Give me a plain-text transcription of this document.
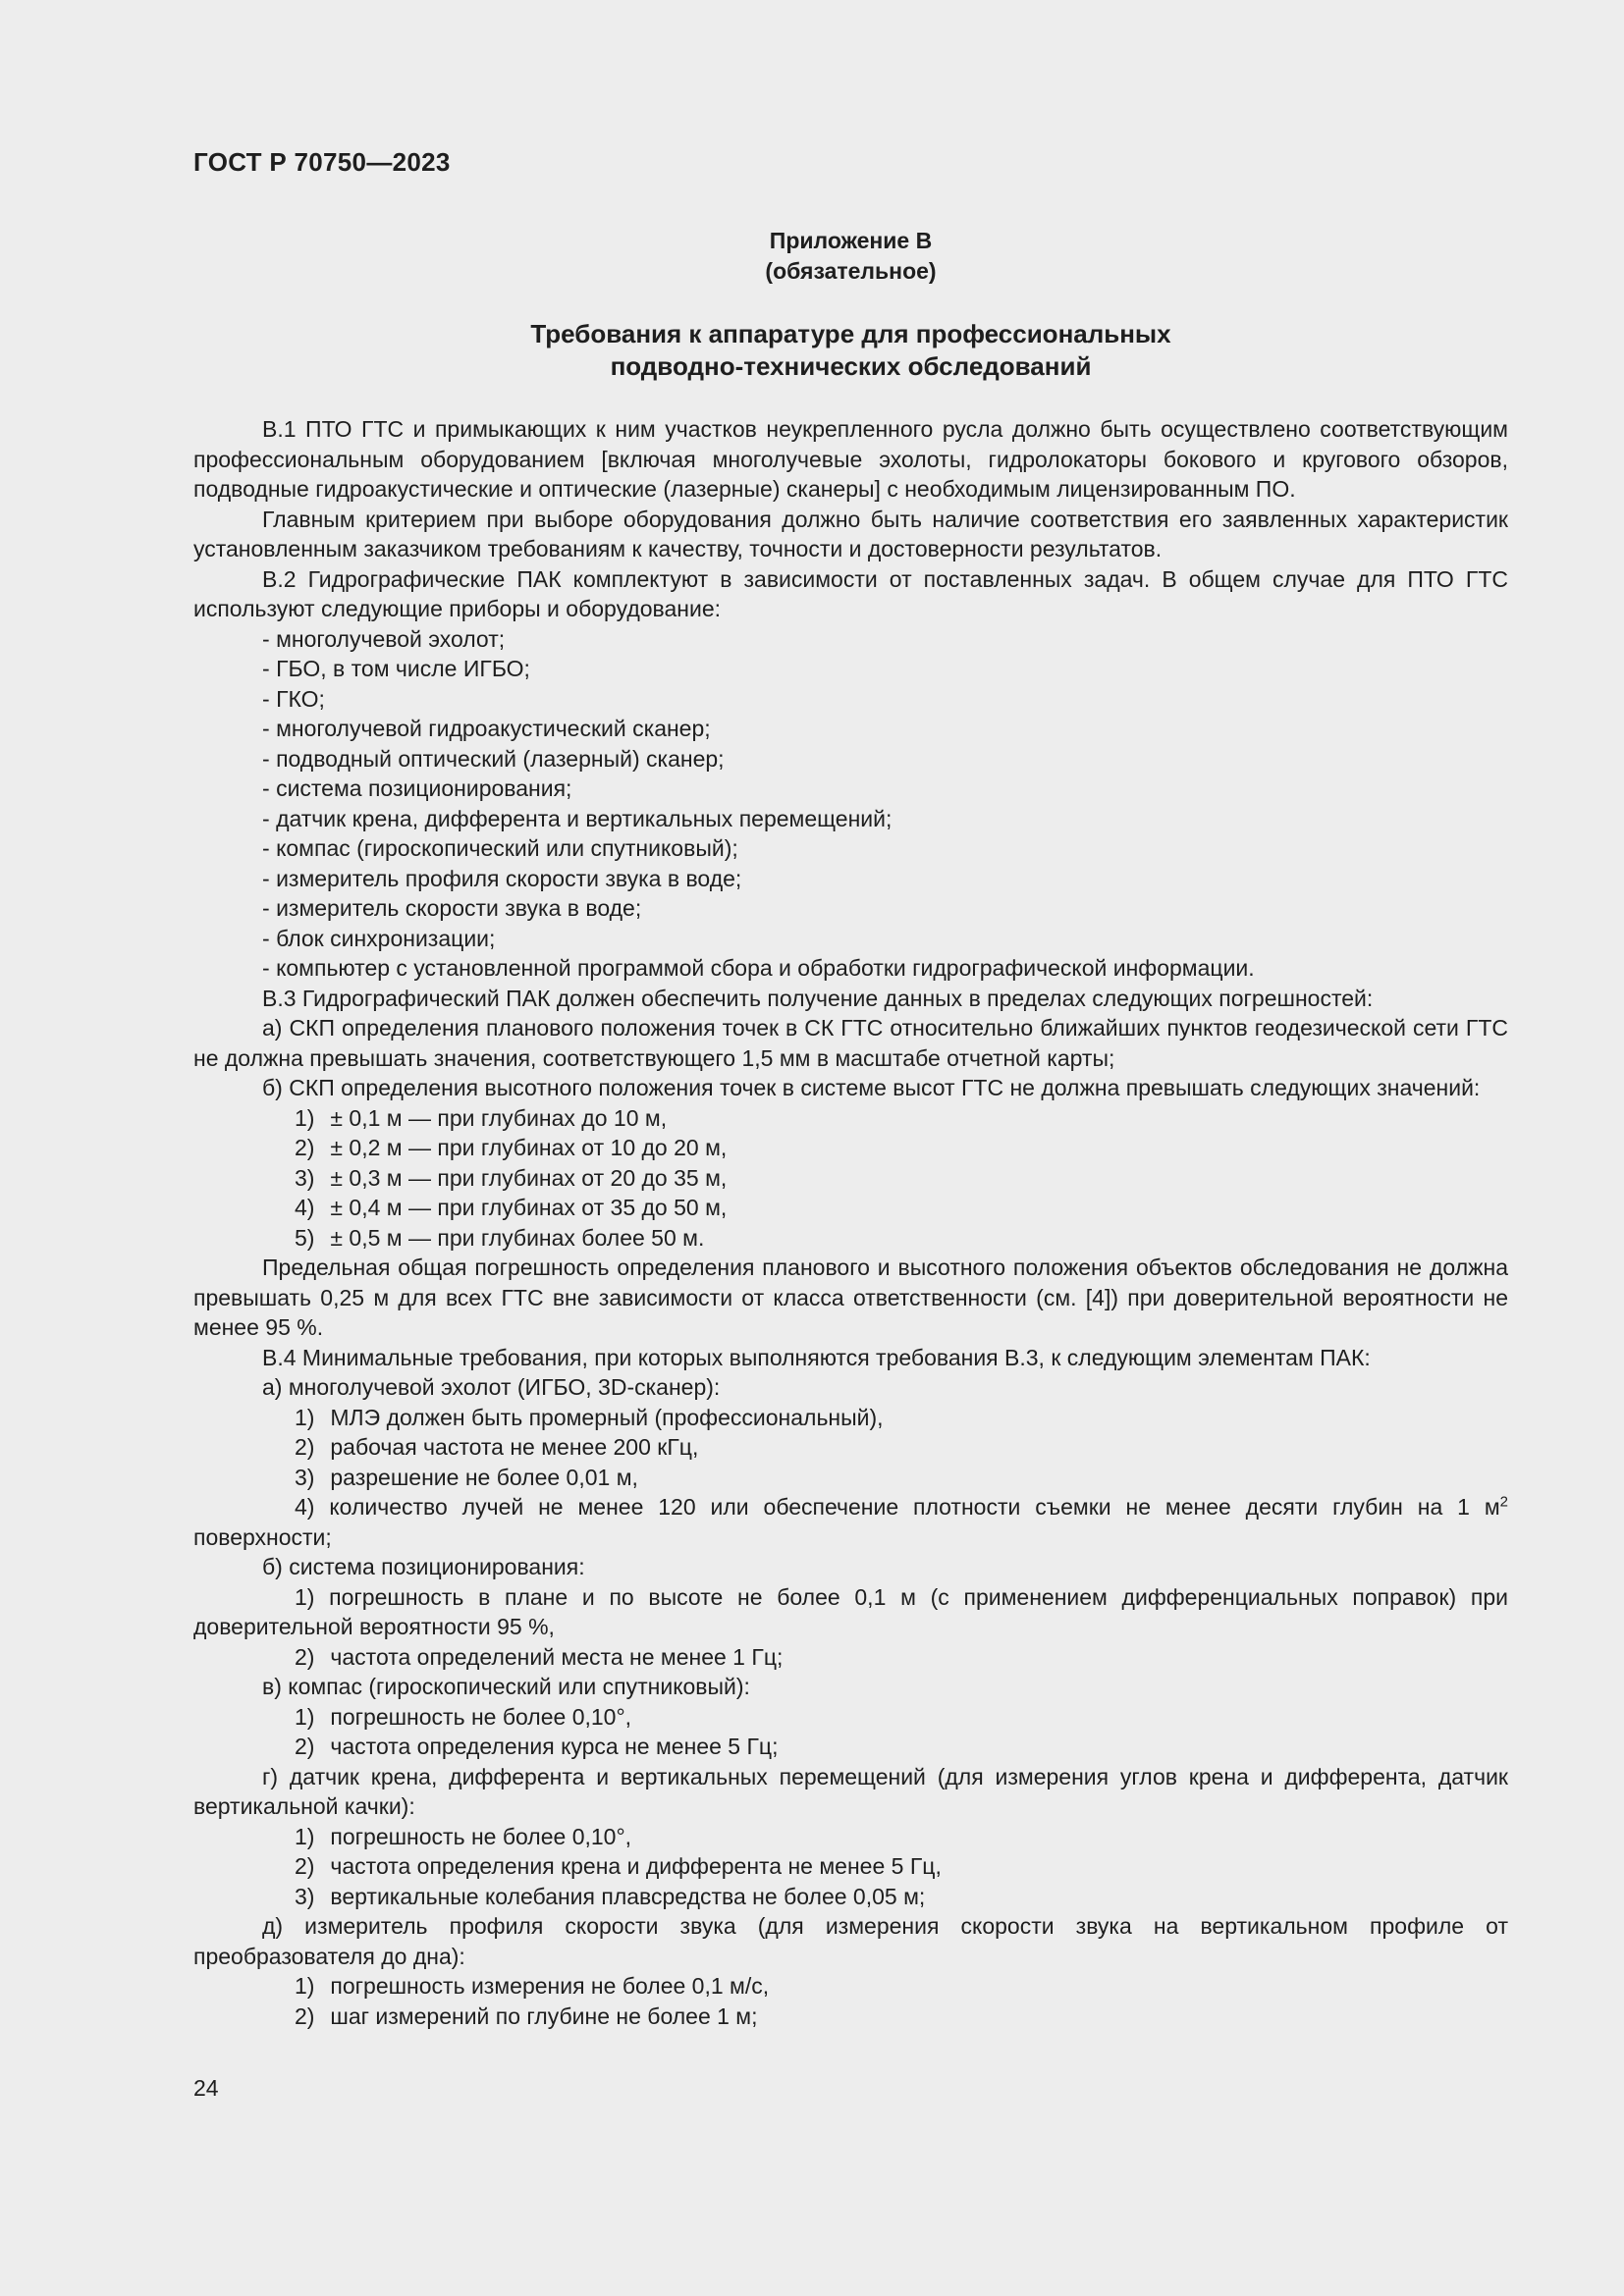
ГОСТ Р 70750—2023
Приложение В
(обязательное)
Требования к аппаратуре для профессиональных
подводно-технических обследований

В.1 ПТО ГТС и примыкающих к ним участков неукрепленного русла должно быть осуществлено соответствующим профессиональным оборудованием [включая многолучевые эхолоты, гидролокаторы бокового и кругового обзоров, подводные гидроакустические и оптические (лазерные) сканеры] с необходимым лицензированным ПО.

Главным критерием при выборе оборудования должно быть наличие соответствия его заявленных характеристик установленным заказчиком требованиям к качеству, точности и достоверности результатов.

В.2 Гидрографические ПАК комплектуют в зависимости от поставленных задач. В общем случае для ПТО ГТС используют следующие приборы и оборудование:

- многолучевой эхолот;

- ГБО, в том числе ИГБО;

- ГКО;

- многолучевой гидроакустический сканер;

- подводный оптический (лазерный) сканер;

- система позиционирования;

- датчик крена, дифферента и вертикальных перемещений;

- компас (гироскопический или спутниковый);

- измеритель профиля скорости звука в воде;

- измеритель скорости звука в воде;

- блок синхронизации;

- компьютер с установленной программой сбора и обработки гидрографической информации.

В.3 Гидрографический ПАК должен обеспечить получение данных в пределах следующих погрешностей:

а) СКП определения планового положения точек в СК ГТС относительно ближайших пунктов геодезической сети ГТС не должна превышать значения, соответствующего 1,5 мм в масштабе отчетной карты;

б) СКП определения высотного положения точек в системе высот ГТС не должна превышать следующих значений:

1) ± 0,1 м — при глубинах до 10 м,

2) ± 0,2 м — при глубинах от 10 до 20 м,

3) ± 0,3 м — при глубинах от 20 до 35 м,

4) ± 0,4 м — при глубинах от 35 до 50 м,

5) ± 0,5 м — при глубинах более 50 м.

Предельная общая погрешность определения планового и высотного положения объектов обследования не должна превышать 0,25 м для всех ГТС вне зависимости от класса ответственности (см. [4]) при доверительной вероятности не менее 95 %.

В.4 Минимальные требования, при которых выполняются требования В.3, к следующим элементам ПАК:

а) многолучевой эхолот (ИГБО, 3D-сканер):

1) МЛЭ должен быть промерный (профессиональный),

2) рабочая частота не менее 200 кГц,

3) разрешение не более 0,01 м,

4) количество лучей не менее 120 или обеспечение плотности съемки не менее десяти глубин на 1 $м^2$ поверхности;

б) система позиционирования:

1) погрешность в плане и по высоте не более 0,1 м (с применением дифференциальных поправок) при доверительной вероятности 95 %,

2) частота определений места не менее 1 Гц;

в) компас (гироскопический или спутниковый):

1) погрешность не более 0,10°,

2) частота определения курса не менее 5 Гц;

г) датчик крена, дифферента и вертикальных перемещений (для измерения углов крена и дифферента, датчик вертикальной качки):

1) погрешность не более 0,10°,

2) частота определения крена и дифферента не менее 5 Гц,

3) вертикальные колебания плавсредства не более 0,05 м;

д) измеритель профиля скорости звука (для измерения скорости звука на вертикальном профиле от преобразователя до дна):

1) погрешность измерения не более 0,1 м/с,

2) шаг измерений по глубине не более 1 м;

24
